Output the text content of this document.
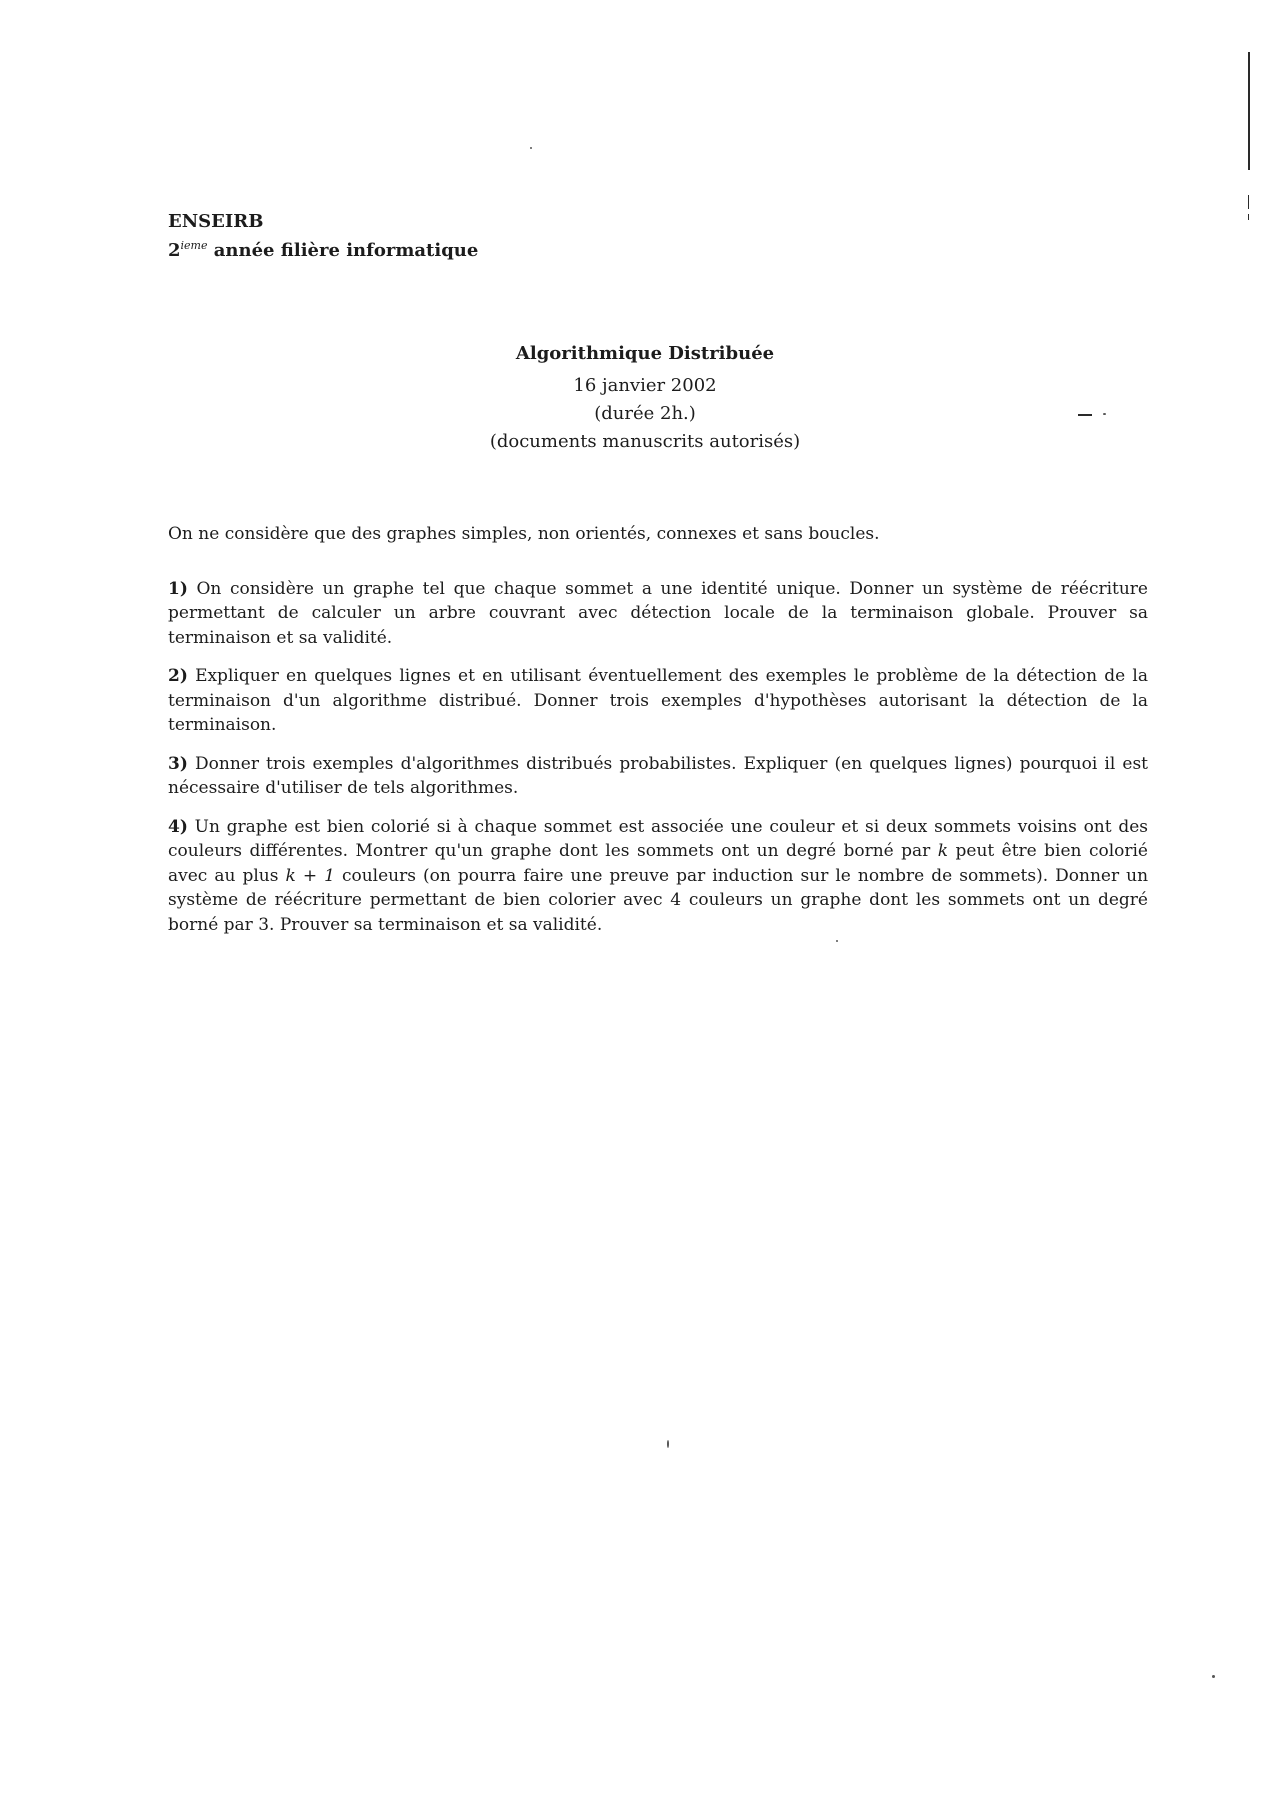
ENSEIRB
2ieme année filière informatique
Algorithmique Distribuée
16 janvier 2002
(durée 2h.)
(documents manuscrits autorisés)

On ne considère que des graphes simples, non orientés, connexes et sans boucles.

1) On considère un graphe tel que chaque sommet a une identité unique. Donner un système de réécriture permettant de calculer un arbre couvrant avec détection locale de la terminaison globale. Prouver sa terminaison et sa validité.

2) Expliquer en quelques lignes et en utilisant éventuellement des exemples le problème de la détection de la terminaison d'un algorithme distribué. Donner trois exemples d'hypothèses autorisant la détection de la terminaison.

3) Donner trois exemples d'algorithmes distribués probabilistes. Expliquer (en quelques lignes) pourquoi il est nécessaire d'utiliser de tels algorithmes.

4) Un graphe est bien colorié si à chaque sommet est associée une couleur et si deux sommets voisins ont des couleurs différentes. Montrer qu'un graphe dont les sommets ont un degré borné par k peut être bien colorié avec au plus k + 1 couleurs (on pourra faire une preuve par induction sur le nombre de sommets). Donner un système de réécriture permettant de bien colorier avec 4 couleurs un graphe dont les sommets ont un degré borné par 3. Prouver sa terminaison et sa validité.
